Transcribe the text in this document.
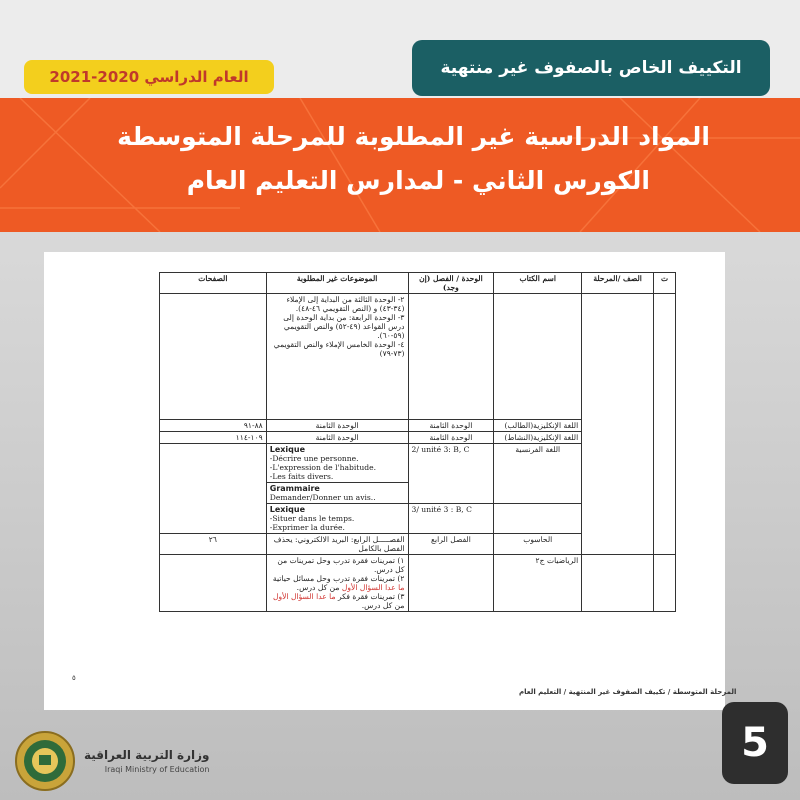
التكييف الخاص بالصفوف غير منتهية
العام الدراسي 2020-2021
المواد الدراسية غير المطلوبة للمرحلة المتوسطة
الكورس الثاني - لمدارس التعليم العام
ت	الصف /المرحلة	اسم الكتاب	الوحدة / الفصل (إن وجد)	الموضوعات غير المطلوبة	الصفحات

				٢- الوحدة الثالثة من البداية إلى الإملاء (٣٤-٤٣) و (النص التقويمي ٤٦-٤٨).
٣- الوحدة الرابعة: من بداية الوحدة إلى درس القواعد (٤٩-٥٢) والنص التقويمي (٥٩-٦٠).
٤- الوحدة الخامس الإملاء والنص التقويمي (٧٣-٧٩)	

		اللغة الإنكليزية(الطالب)	الوحدة الثامنة	الوحدة الثامنة	٨٨-٩١
		اللغة الإنكليزية(النشاط)	الوحدة الثامنة	الوحدة الثامنة	١٠٩-١١٤
		اللغة الفرنسية	2/ unité 3: B, C	Lexique
-Décrire une personne.
-L'expression de l'habitude.
-Les faits divers.	

				Grammaire
Demander/Donner un avis..	

			3/ unité 3 : B, C	Lexique
-Situer dans le temps.
-Exprimer la durée.	

		الحاسوب	الفصل الرابع	الفصـــــل الرابع: البريد الالكتروني: يحذف الفصل بالكامل	٢٦
		الرياضيات ج٢		١) تمرينات فقرة تدرب وحل تمرينات من كل درس.
٢) تمرينات فقرة تدرب وحل مسائل حياتية ما عدا السؤال الأول من كل درس.
٣) تمرينات فقرة فكر ما عدا السؤال الأول من كل درس.	

٥
المرحلة المتوسطة / تكييف الصفوف غير المنتهية / التعليم العام
5
وزارة التربية العراقية
Iraqi Ministry of Education
